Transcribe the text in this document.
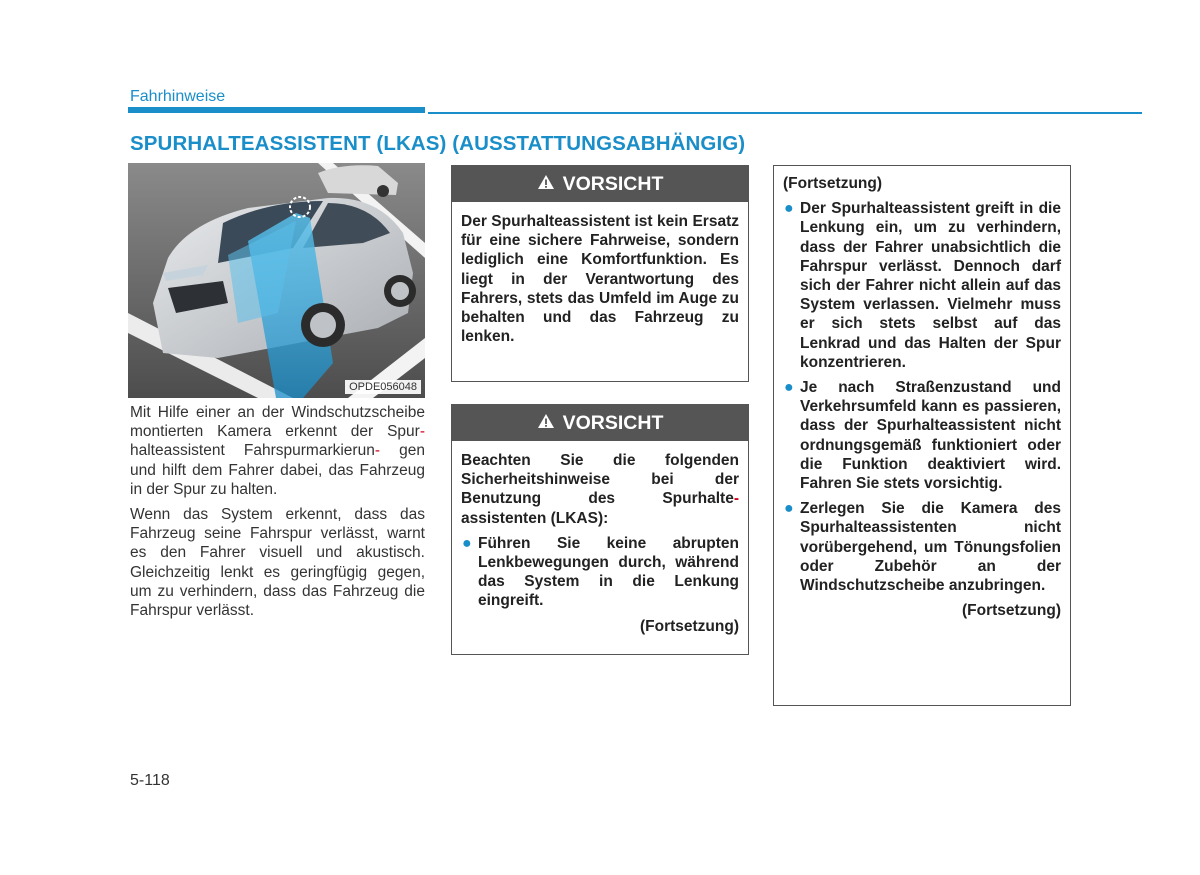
Fahrhinweise
SPURHALTEASSISTENT (LKAS) (AUSSTATTUNGSABHÄNGIG)
OPDE056048

Mit Hilfe einer an der Windschutzscheibe montierten Kamera erkennt der Spur- halteassistent Fahrspurmarkierun- gen und hilft dem Fahrer dabei, das Fahrzeug in der Spur zu halten.

Wenn das System erkennt, dass das Fahrzeug seine Fahrspur verlässt, warnt es den Fahrer visuell und akustisch. Gleichzeitig lenkt es geringfügig gegen, um zu verhindern, dass das Fahrzeug die Fahrspur verlässt.

VORSICHT

Der Spurhalteassistent ist kein Ersatz für eine sichere Fahrweise, sondern lediglich eine Komfortfunktion. Es liegt in der Verantwortung des Fahrers, stets das Umfeld im Auge zu behalten und das Fahrzeug zu lenken.

VORSICHT

Beachten Sie die folgenden Sicherheitshinweise bei der Benutzung des Spurhalte- assistenten (LKAS):

● Führen Sie keine abrupten Lenkbewegungen durch, während das System in die Lenkung eingreift.
(Fortsetzung)

(Fortsetzung)

● Der Spurhalteassistent greift in die Lenkung ein, um zu verhindern, dass der Fahrer unabsichtlich die Fahrspur verlässt. Dennoch darf sich der Fahrer nicht allein auf das System verlassen. Vielmehr muss er sich stets selbst auf das Lenkrad und das Halten der Spur konzentrieren.
● Je nach Straßenzustand und Verkehrsumfeld kann es passieren, dass der Spurhalteassistent nicht ordnungsgemäß funktioniert oder die Funktion deaktiviert wird. Fahren Sie stets vorsichtig.
● Zerlegen Sie die Kamera des Spurhalteassistenten nicht vorübergehend, um Tönungsfolien oder Zubehör an der Windschutzscheibe anzubringen.
(Fortsetzung)
5-118
